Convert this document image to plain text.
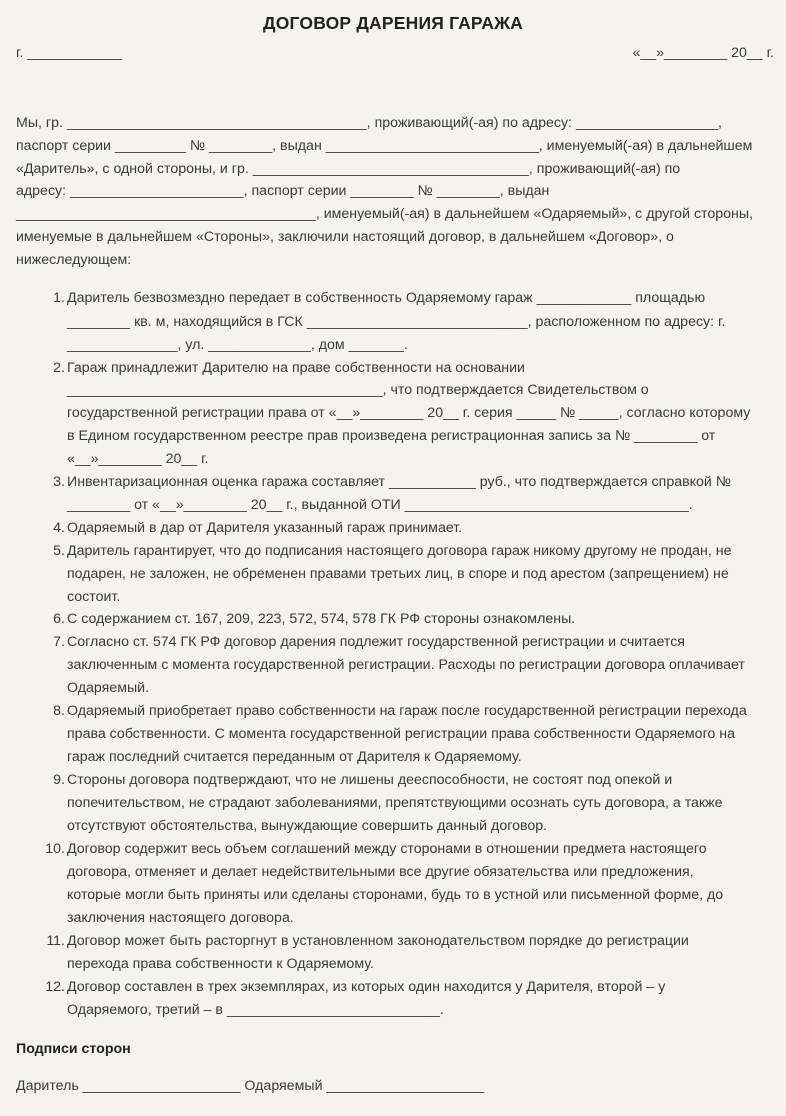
ДОГОВОР ДАРЕНИЯ ГАРАЖА
г. ____________	«__»________ 20__ г.
Мы, гр. ______________________________________, проживающий(-ая) по адресу: __________________,
паспорт серии _________ № ________, выдан ___________________________, именуемый(-ая) в дальнейшем
«Даритель», с одной стороны, и гр. ___________________________________, проживающий(-ая) по
адресу: ______________________, паспорт серии ________ № ________, выдан
______________________________________, именуемый(-ая) в дальнейшем «Одаряемый», с другой стороны,
именуемые в дальнейшем «Стороны», заключили настоящий договор, в дальнейшем «Договор», о
нижеследующем:
1. Даритель безвозмездно передает в собственность Одаряемому гараж ____________ площадью
________ кв. м, находящийся в ГСК ____________________________, расположенном по адресу: г.
______________, ул. _____________, дом _______.
2. Гараж принадлежит Дарителю на праве собственности на основании
________________________________________, что подтверждается Свидетельством о
государственной регистрации права от «__»________ 20__ г. серия _____ № _____, согласно которому
в Едином государственном реестре прав произведена регистрационная запись за № ________ от
«__»________ 20__ г.
3. Инвентаризационная оценка гаража составляет ___________ руб., что подтверждается справкой №
________ от «__»________ 20__ г., выданной ОТИ ____________________________________.
4. Одаряемый в дар от Дарителя указанный гараж принимает.
5. Даритель гарантирует, что до подписания настоящего договора гараж никому другому не продан, не
подарен, не заложен, не обременен правами третьих лиц, в споре и под арестом (запрещением) не
состоит.
6. С содержанием ст. 167, 209, 223, 572, 574, 578 ГК РФ стороны ознакомлены.
7. Согласно ст. 574 ГК РФ договор дарения подлежит государственной регистрации и считается
заключенным с момента государственной регистрации. Расходы по регистрации договора оплачивает
Одаряемый.
8. Одаряемый приобретает право собственности на гараж после государственной регистрации перехода
права собственности. С момента государственной регистрации права собственности Одаряемого на
гараж последний считается переданным от Дарителя к Одаряемому.
9. Стороны договора подтверждают, что не лишены дееспособности, не состоят под опекой и
попечительством, не страдают заболеваниями, препятствующими осознать суть договора, а также
отсутствуют обстоятельства, вынуждающие совершить данный договор.
10. Договор содержит весь объем соглашений между сторонами в отношении предмета настоящего
договора, отменяет и делает недействительными все другие обязательства или предложения,
которые могли быть приняты или сделаны сторонами, будь то в устной или письменной форме, до
заключения настоящего договора.
11. Договор может быть расторгнут в установленном законодательством порядке до регистрации
перехода права собственности к Одаряемому.
12. Договор составлен в трех экземплярах, из которых один находится у Дарителя, второй – у
Одаряемого, третий – в ___________________________.
Подписи сторон
Даритель ____________________ Одаряемый ____________________
